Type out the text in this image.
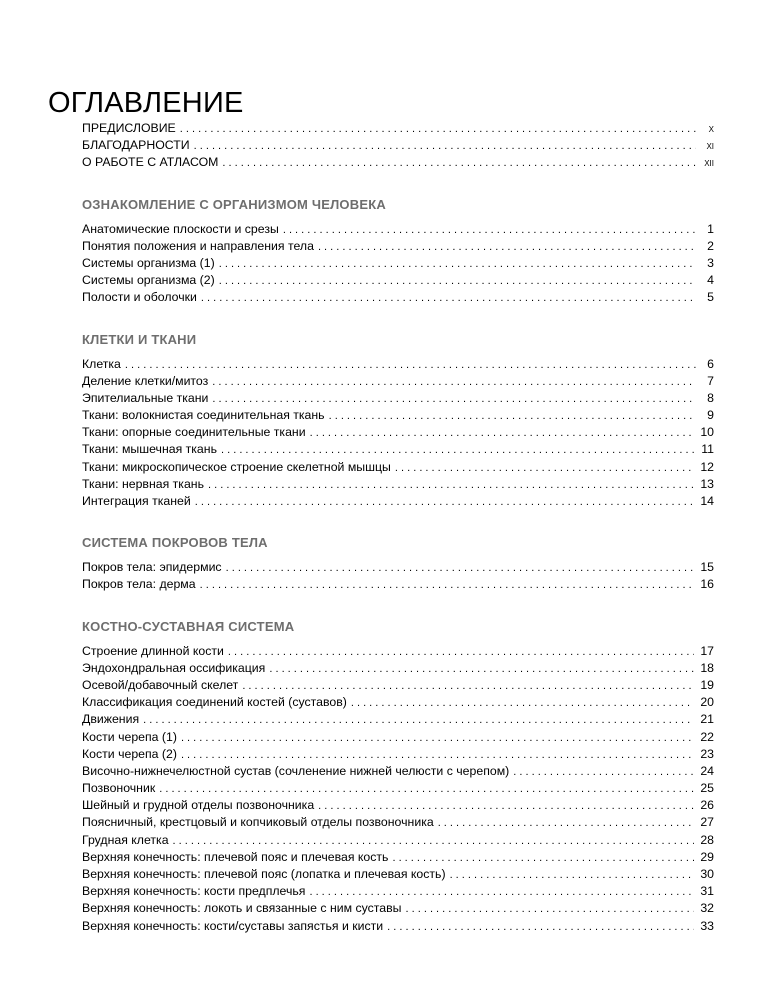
ОГЛАВЛЕНИЕ
ПРЕДИСЛОВИЕ . . .	X
БЛАГОДАРНОСТИ . . .	XI
О РАБОТЕ С АТЛАСОМ . . .	XII
ОЗНАКОМЛЕНИЕ С ОРГАНИЗМОМ ЧЕЛОВЕКА
Анатомические плоскости и срезы . . .	1
Понятия положения и направления тела . . .	2
Системы организма (1) . . .	3
Системы организма (2) . . .	4
Полости и оболочки . . .	5
КЛЕТКИ И ТКАНИ
Клетка . . .	6
Деление клетки/митоз . . .	7
Эпителиальные ткани . . .	8
Ткани: волокнистая соединительная ткань . . .	9
Ткани: опорные соединительные ткани . . .	10
Ткани: мышечная ткань . . .	11
Ткани: микроскопическое строение скелетной мышцы . . .	12
Ткани: нервная ткань . . .	13
Интеграция тканей . . .	14
СИСТЕМА ПОКРОВОВ ТЕЛА
Покров тела: эпидермис . . .	15
Покров тела: дерма . . .	16
КОСТНО-СУСТАВНАЯ СИСТЕМА
Строение длинной кости . . .	17
Эндохондральная оссификация . . .	18
Осевой/добавочный скелет . . .	19
Классификация соединений костей (суставов) . . .	20
Движения . . .	21
Кости черепа (1) . . .	22
Кости черепа (2) . . .	23
Височно-нижнечелюстной сустав (сочленение нижней челюсти с черепом) . . .	24
Позвоночник . . .	25
Шейный и грудной отделы позвоночника . . .	26
Поясничный, крестцовый и копчиковый отделы позвоночника . . .	27
Грудная клетка . . .	28
Верхняя конечность: плечевой пояс и плечевая кость . . .	29
Верхняя конечность: плечевой пояс (лопатка и плечевая кость) . . .	30
Верхняя конечность: кости предплечья . . .	31
Верхняя конечность: локоть и связанные с ним суставы . . .	32
Верхняя конечность: кости/суставы запястья и кисти . . .	33
